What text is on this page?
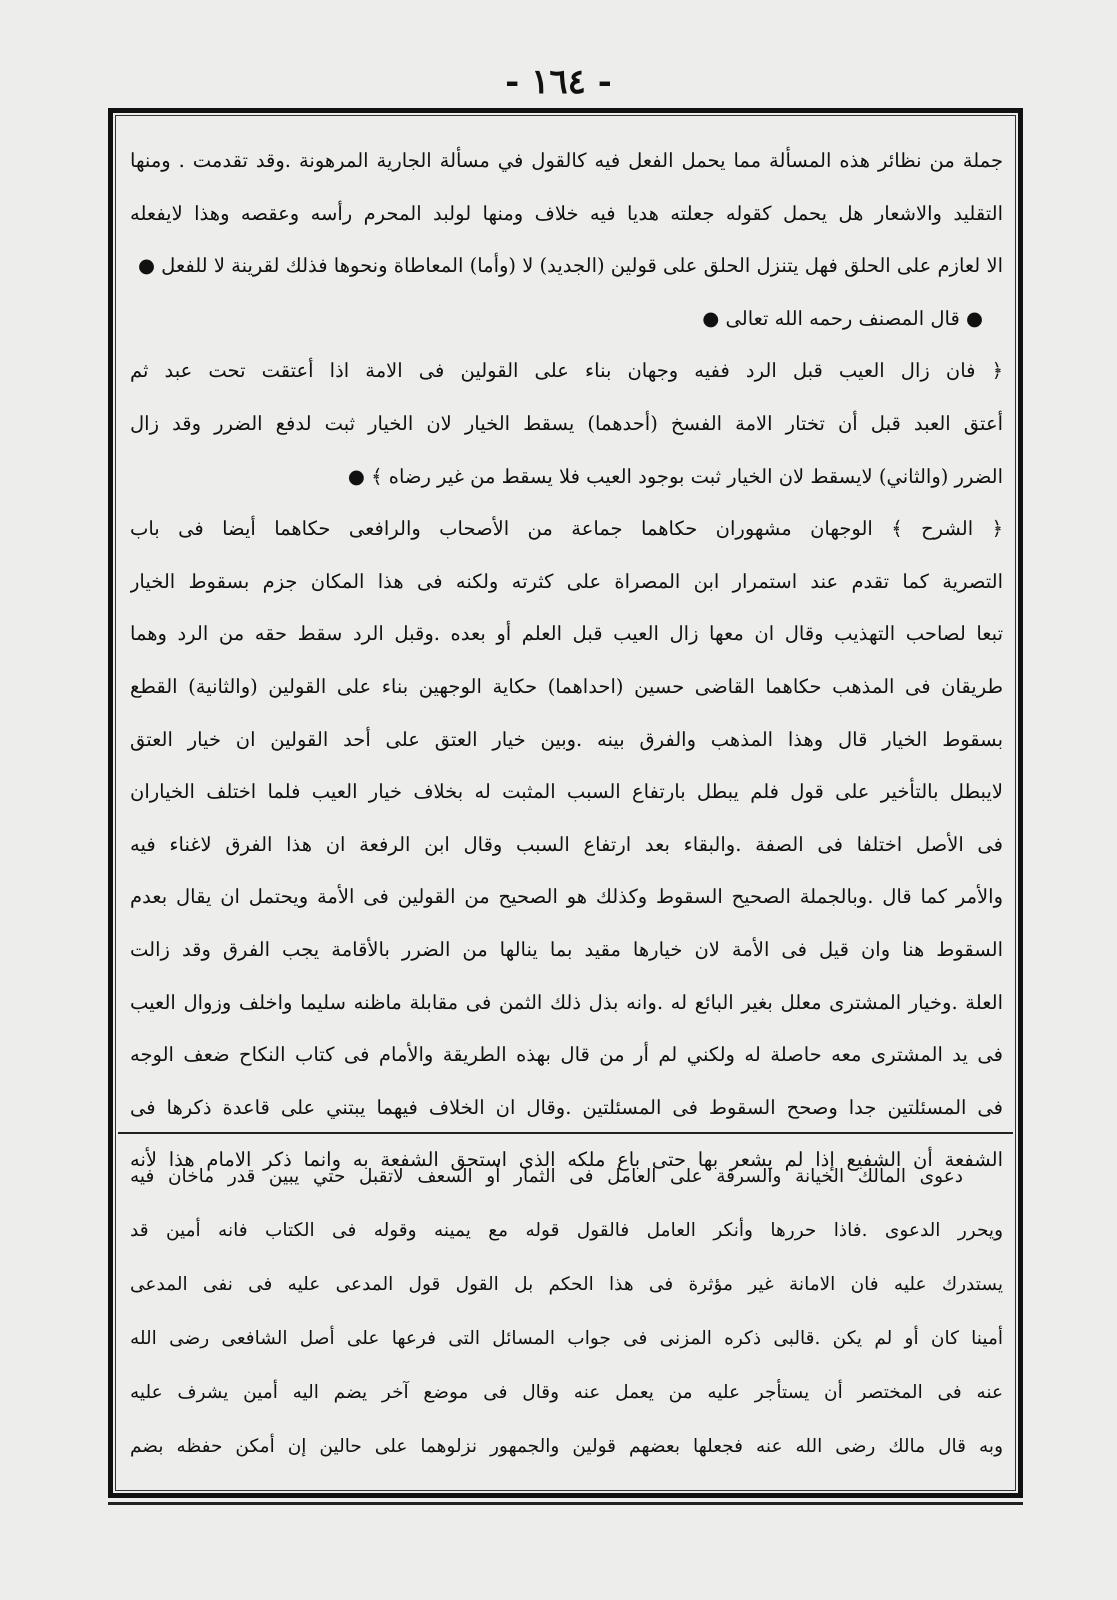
- ١٦٤ -
جملة من نظائر هذه المسألة مما يحمل الفعل فيه كالقول في مسألة الجارية المرهونة .وقد تقدمت . ومنها
التقليد والاشعار هل يحمل كقوله جعلته هديا فيه خلاف ومنها لولبد المحرم رأسه وعقصه وهذا لايفعله
الا لعازم على الحلق فهل يتنزل الحلق على قولين (الجديد) لا (وأما) المعاطاة ونحوها فذلك لقرينة لا للفعل ●
● قال المصنف رحمه الله تعالى ●
﴿ فان زال العيب قبل الرد ففيه وجهان بناء على القولين فى الامة اذا أعتقت تحت عبد ثم
أعتق العبد قبل أن تختار الامة الفسخ (أحدهما) يسقط الخيار لان الخيار ثبت لدفع الضرر وقد زال
الضرر (والثاني) لايسقط لان الخيار ثبت بوجود العيب فلا يسقط من غير رضاه ﴾ ●
﴿ الشرح ﴾ الوجهان مشهوران حكاهما جماعة من الأصحاب والرافعى حكاهما أيضا فى باب
التصرية كما تقدم عند استمرار ابن المصراة على كثرته ولكنه فى هذا المكان جزم بسقوط الخيار
تبعا لصاحب التهذيب وقال ان معها زال العيب قبل العلم أو بعده .وقبل الرد سقط حقه من الرد وهما
طريقان فى المذهب حكاهما القاضى حسين (احداهما) حكاية الوجهين بناء على القولين (والثانية) القطع
بسقوط الخيار قال وهذا المذهب والفرق بينه .وبين خيار العتق على أحد القولين ان خيار العتق
لايبطل بالتأخير على قول فلم يبطل بارتفاع السبب المثبت له بخلاف خيار العيب فلما اختلف الخياران
فى الأصل اختلفا فى الصفة .والبقاء بعد ارتفاع السبب وقال ابن الرفعة ان هذا الفرق لاغناء فيه
والأمر كما قال .وبالجملة الصحيح السقوط وكذلك هو الصحيح من القولين فى الأمة ويحتمل ان يقال بعدم
السقوط هنا وان قيل فى الأمة لان خيارها مقيد بما ينالها من الضرر بالأقامة يجب الفرق وقد زالت
العلة .وخيار المشترى معلل بغير البائع له .وانه بذل ذلك الثمن فى مقابلة ماظنه سليما واخلف وزوال العيب
فى يد المشترى معه حاصلة له ولكني لم أر من قال بهذه الطريقة والأمام فى كتاب النكاح ضعف الوجه
فى المسئلتين جدا وصحح السقوط فى المسئلتين .وقال ان الخلاف فيهما يبتني على قاعدة ذكرها فى
الشفعة أن الشفيع إذا لم يشعر بها حتى باع ملكه الذى استحق الشفعة به وانما ذكر الامام هذا لأنه
دعوى المالك الخيانة والسرقة على العامل فى الثمار أو السعف لاتقبل حتي يبين قدر ماخان فيه
ويحرر الدعوى .فاذا حررها وأنكر العامل فالقول قوله مع يمينه وقوله فى الكتاب فانه أمين قد
يستدرك عليه فان الامانة غير مؤثرة فى هذا الحكم بل القول قول المدعى عليه فى نفى المدعى
أمينا كان أو لم يكن .قالبى ذكره المزنى فى جواب المسائل التى فرعها على أصل الشافعى رضى الله
عنه فى المختصر أن يستأجر عليه من يعمل عنه وقال فى موضع آخر يضم اليه أمين يشرف عليه
وبه قال مالك رضى الله عنه فجعلها بعضهم قولين والجمهور نزلوهما على حالين إن أمكن حفظه بضم
